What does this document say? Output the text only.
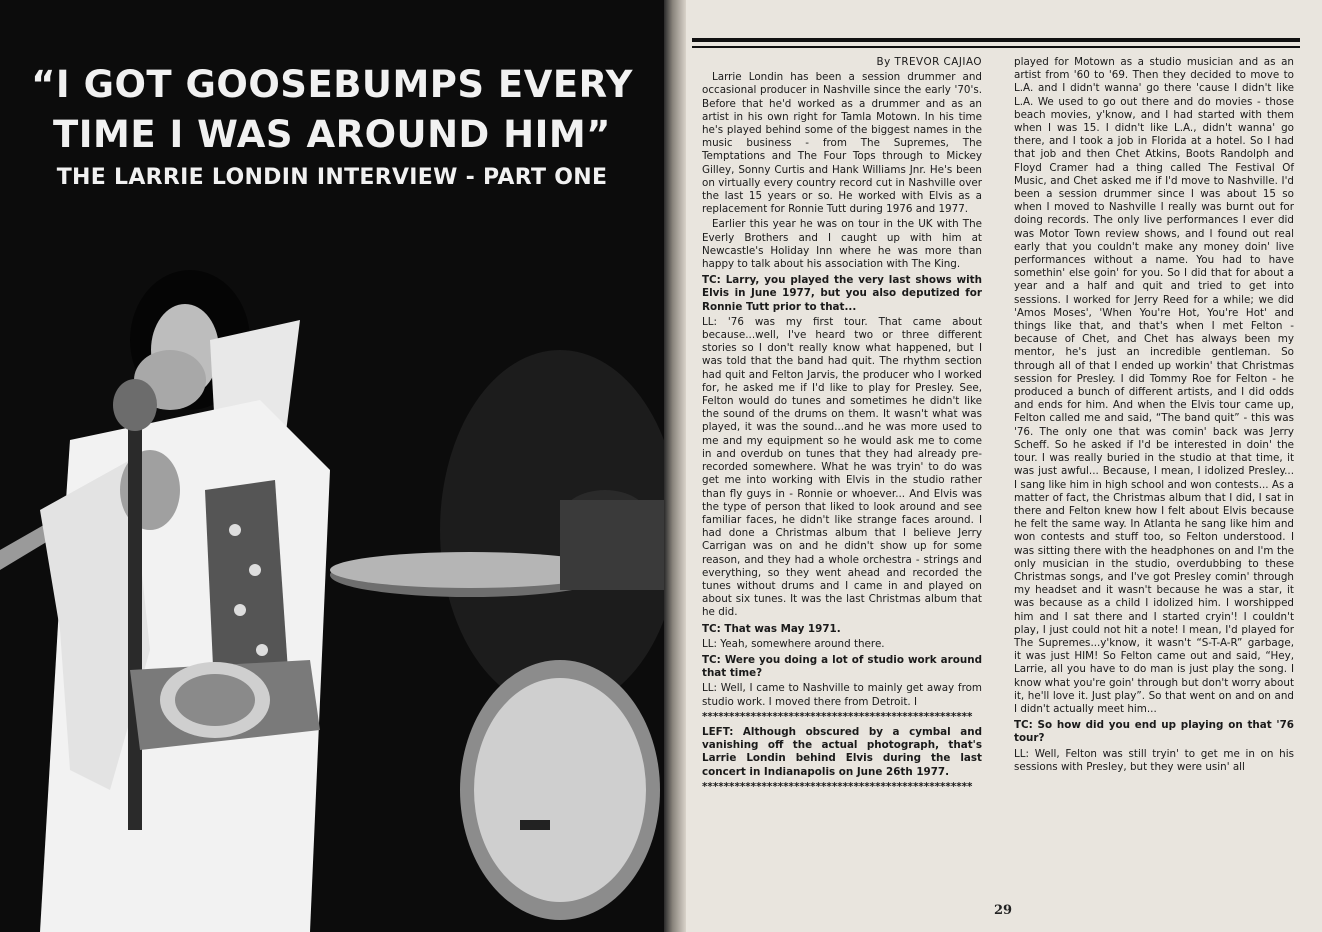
“I GOT GOOSEBUMPS EVERY
TIME I WAS AROUND HIM”
THE LARRIE LONDIN INTERVIEW - PART ONE
By TREVOR CAJIAO

Larrie Londin has been a session drummer and occasional producer in Nashville since the early '70's. Before that he'd worked as a drummer and as an artist in his own right for Tamla Motown. In his time he's played behind some of the biggest names in the music business - from The Supremes, The Temptations and The Four Tops through to Mickey Gilley, Sonny Curtis and Hank Williams Jnr. He's been on virtually every country record cut in Nashville over the last 15 years or so. He worked with Elvis as a replacement for Ronnie Tutt during 1976 and 1977.

Earlier this year he was on tour in the UK with The Everly Brothers and I caught up with him at Newcastle's Holiday Inn where he was more than happy to talk about his association with The King.

TC: Larry, you played the very last shows with Elvis in June 1977, but you also deputized for Ronnie Tutt prior to that...

LL: '76 was my first tour. That came about because...well, I've heard two or three different stories so I don't really know what happened, but I was told that the band had quit. The rhythm section had quit and Felton Jarvis, the producer who I worked for, he asked me if I'd like to play for Presley. See, Felton would do tunes and sometimes he didn't like the sound of the drums on them. It wasn't what was played, it was the sound...and he was more used to me and my equipment so he would ask me to come in and overdub on tunes that they had already pre-recorded somewhere. What he was tryin' to do was get me into working with Elvis in the studio rather than fly guys in - Ronnie or whoever... And Elvis was the type of person that liked to look around and see familiar faces, he didn't like strange faces around. I had done a Christmas album that I believe Jerry Carrigan was on and he didn't show up for some reason, and they had a whole orchestra - strings and everything, so they went ahead and recorded the tunes without drums and I came in and played on about six tunes. It was the last Christmas album that he did.

TC: That was May 1971.

LL: Yeah, somewhere around there.

TC: Were you doing a lot of studio work around that time?

LL: Well, I came to Nashville to mainly get away from studio work. I moved there from Detroit. I

**************************************************

LEFT: Although obscured by a cymbal and vanishing off the actual photograph, that's Larrie Londin behind Elvis during the last concert in Indianapolis on June 26th 1977.

**************************************************

played for Motown as a studio musician and as an artist from '60 to '69. Then they decided to move to L.A. and I didn't wanna' go there 'cause I didn't like L.A. We used to go out there and do movies - those beach movies, y'know, and I had started with them when I was 15. I didn't like L.A., didn't wanna' go there, and I took a job in Florida at a hotel. So I had that job and then Chet Atkins, Boots Randolph and Floyd Cramer had a thing called The Festival Of Music, and Chet asked me if I'd move to Nashville. I'd been a session drummer since I was about 15 so when I moved to Nashville I really was burnt out for doing records. The only live performances I ever did was Motor Town review shows, and I found out real early that you couldn't make any money doin' live performances without a name. You had to have somethin' else goin' for you. So I did that for about a year and a half and quit and tried to get into sessions. I worked for Jerry Reed for a while; we did 'Amos Moses', 'When You're Hot, You're Hot' and things like that, and that's when I met Felton - because of Chet, and Chet has always been my mentor, he's just an incredible gentleman. So through all of that I ended up workin' that Christmas session for Presley. I did Tommy Roe for Felton - he produced a bunch of different artists, and I did odds and ends for him. And when the Elvis tour came up, Felton called me and said, “The band quit” - this was '76. The only one that was comin' back was Jerry Scheff. So he asked if I'd be interested in doin' the tour. I was really buried in the studio at that time, it was just awful... Because, I mean, I idolized Presley... I sang like him in high school and won contests... As a matter of fact, the Christmas album that I did, I sat in there and Felton knew how I felt about Elvis because he felt the same way. In Atlanta he sang like him and won contests and stuff too, so Felton understood. I was sitting there with the headphones on and I'm the only musician in the studio, overdubbing to these Christmas songs, and I've got Presley comin' through my headset and it wasn't because he was a star, it was because as a child I idolized him. I worshipped him and I sat there and I started cryin'! I couldn't play, I just could not hit a note! I mean, I'd played for The Supremes...y'know, it wasn't “S-T-A-R” garbage, it was just HIM! So Felton came out and said, “Hey, Larrie, all you have to do man is just play the song. I know what you're goin' through but don't worry about it, he'll love it. Just play”. So that went on and on and I didn't actually meet him...

TC: So how did you end up playing on that '76 tour?

LL: Well, Felton was still tryin' to get me in on his sessions with Presley, but they were usin' all

29
